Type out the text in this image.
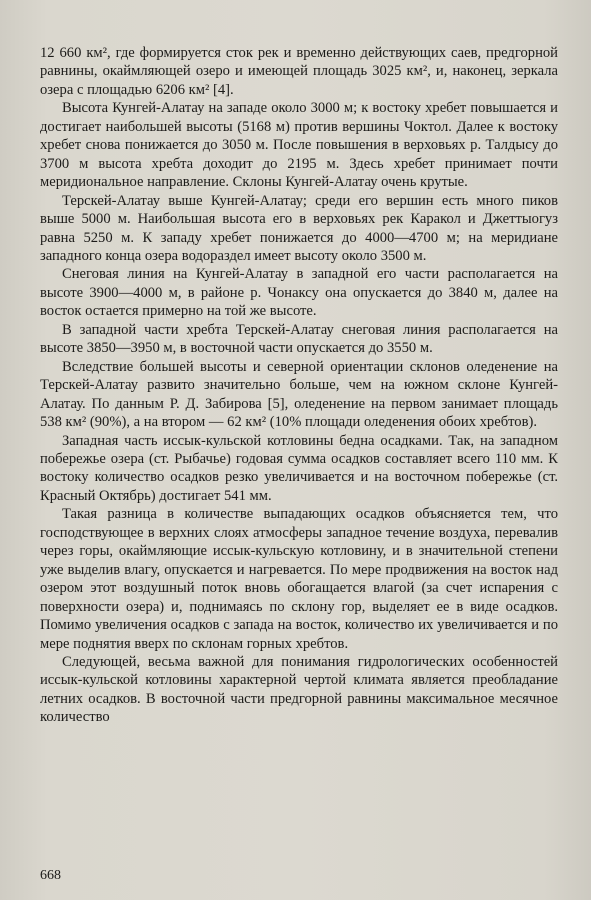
12 660 км², где формируется сток рек и временно действующих саев, предгорной равнины, окаймляющей озеро и имеющей площадь 3025 км², и, наконец, зеркала озера с площадью 6206 км² [4].

Высота Кунгей-Алатау на западе около 3000 м; к востоку хребет повышается и достигает наибольшей высоты (5168 м) против вершины Чоктол. Далее к востоку хребет снова понижается до 3050 м. После повышения в верховьях р. Талдысу до 3700 м высота хребта доходит до 2195 м. Здесь хребет принимает почти меридиональное направление. Склоны Кунгей-Алатау очень крутые.

Терскей-Алатау выше Кунгей-Алатау; среди его вершин есть много пиков выше 5000 м. Наибольшая высота его в верховьях рек Каракол и Джеттыогуз равна 5250 м. К западу хребет понижается до 4000—4700 м; на меридиане западного конца озера водораздел имеет высоту около 3500 м.

Снеговая линия на Кунгей-Алатау в западной его части располагается на высоте 3900—4000 м, в районе р. Чонаксу она опускается до 3840 м, далее на восток остается примерно на той же высоте.

В западной части хребта Терскей-Алатау снеговая линия располагается на высоте 3850—3950 м, в восточной части опускается до 3550 м.

Вследствие большей высоты и северной ориентации склонов оледенение на Терскей-Алатау развито значительно больше, чем на южном склоне Кунгей-Алатау. По данным Р. Д. Забирова [5], оледенение на первом занимает площадь 538 км² (90%), а на втором — 62 км² (10% площади оледенения обоих хребтов).

Западная часть иссык-кульской котловины бедна осадками. Так, на западном побережье озера (ст. Рыбачье) годовая сумма осадков составляет всего 110 мм. К востоку количество осадков резко увеличивается и на восточном побережье (ст. Красный Октябрь) достигает 541 мм.

Такая разница в количестве выпадающих осадков объясняется тем, что господствующее в верхних слоях атмосферы западное течение воздуха, перевалив через горы, окаймляющие иссык-кульскую котловину, и в значительной степени уже выделив влагу, опускается и нагревается. По мере продвижения на восток над озером этот воздушный поток вновь обогащается влагой (за счет испарения с поверхности озера) и, поднимаясь по склону гор, выделяет ее в виде осадков. Помимо увеличения осадков с запада на восток, количество их увеличивается и по мере поднятия вверх по склонам горных хребтов.

Следующей, весьма важной для понимания гидрологических особенностей иссык-кульской котловины характерной чертой климата является преобладание летних осадков. В восточной части предгорной равнины максимальное месячное количество

668
